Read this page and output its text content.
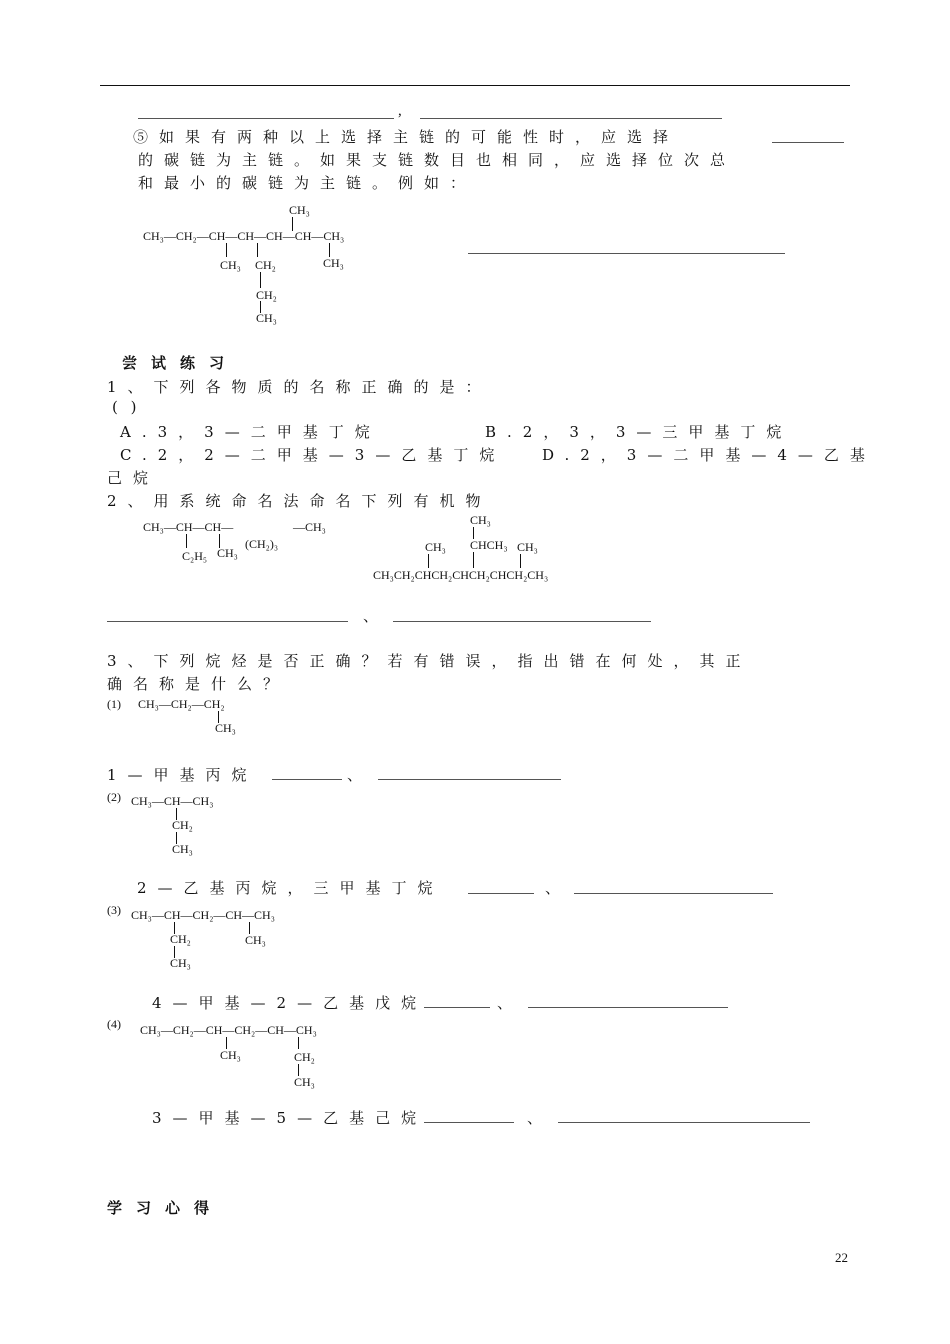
,
⑤如果有两种以上选择主链的可能性时，应选择
的碳链为主链。如果支链数目也相同，应选择位次总
和最小的碳链为主链。例如：
CH₃
CH₃—CH₂—CH—CH—CH—CH—CH₃
CH₃ CH₂	CH₃
CH₂
CH₃
尝试练习
1、下列各物质的名称正确的是：
( )
A.3，3—二甲基丁烷	B.2，3，3—三甲基丁烷
C.2，2—二甲基—3—乙基丁烷 D.2，3—二甲基—4—乙基
己烷
2、用系统命名法命名下列有机物
CH₃—CH—CH—	—CH₃
C₂H₅ CH₃
(CH₂)₃
CH₃
CH₃ CHCH₃ CH₃
CH₃CH₂CHCH₂CHCH₂CHCH₂CH₃
、
3、下列烷烃是否正确？若有错误，指出错在何处，其正
确名称是什么？
(1) CH₃—CH₂—CH₂
CH₃
1—甲基丙烷	、
(2) CH₃—CH—CH₃
CH₂
CH₃
2—乙基丙烷，三甲基丁烷	、
(3) CH₃—CH—CH₂—CH—CH₃
CH₂	CH₃
CH₃
4—甲基—2—乙基戊烷	、
(4) CH₃—CH₂—CH—CH₂—CH—CH₃
CH₃	CH₂
CH₃
3—甲基—5—乙基己烷	、
学习心得
22
